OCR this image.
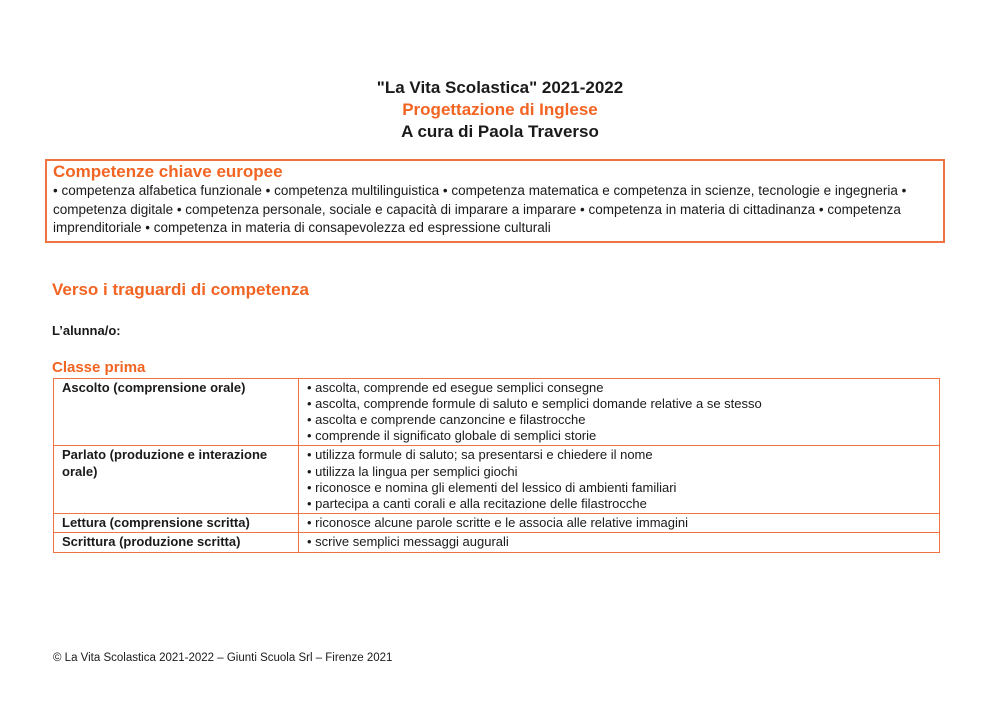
"La Vita Scolastica" 2021-2022
Progettazione di Inglese
A cura di Paola Traverso
Competenze chiave europee

• competenza alfabetica funzionale • competenza multilinguistica • competenza matematica e competenza in scienze, tecnologie e ingegneria • competenza digitale • competenza personale, sociale e capacità di imparare a imparare • competenza in materia di cittadinanza • competenza imprenditoriale • competenza in materia di consapevolezza ed espressione culturali

Verso i traguardi di competenza

L’alunna/o:

Classe prima
Ascolto (comprensione orale)	• ascolta, comprende ed esegue semplici consegne
• ascolta, comprende formule di saluto e semplici domande relative a se stesso
• ascolta e comprende canzoncine e filastrocche
• comprende il significato globale di semplici storie

Parlato (produzione e interazione orale)	• utilizza formule di saluto; sa presentarsi e chiedere il nome
• utilizza la lingua per semplici giochi
• riconosce e nomina gli elementi del lessico di ambienti familiari
• partecipa a canti corali e alla recitazione delle filastrocche

Lettura (comprensione scritta)	• riconosce alcune parole scritte e le associa alle relative immagini

Scrittura (produzione scritta)	• scrive semplici messaggi augurali
© La Vita Scolastica 2021-2022 – Giunti Scuola Srl – Firenze 2021
